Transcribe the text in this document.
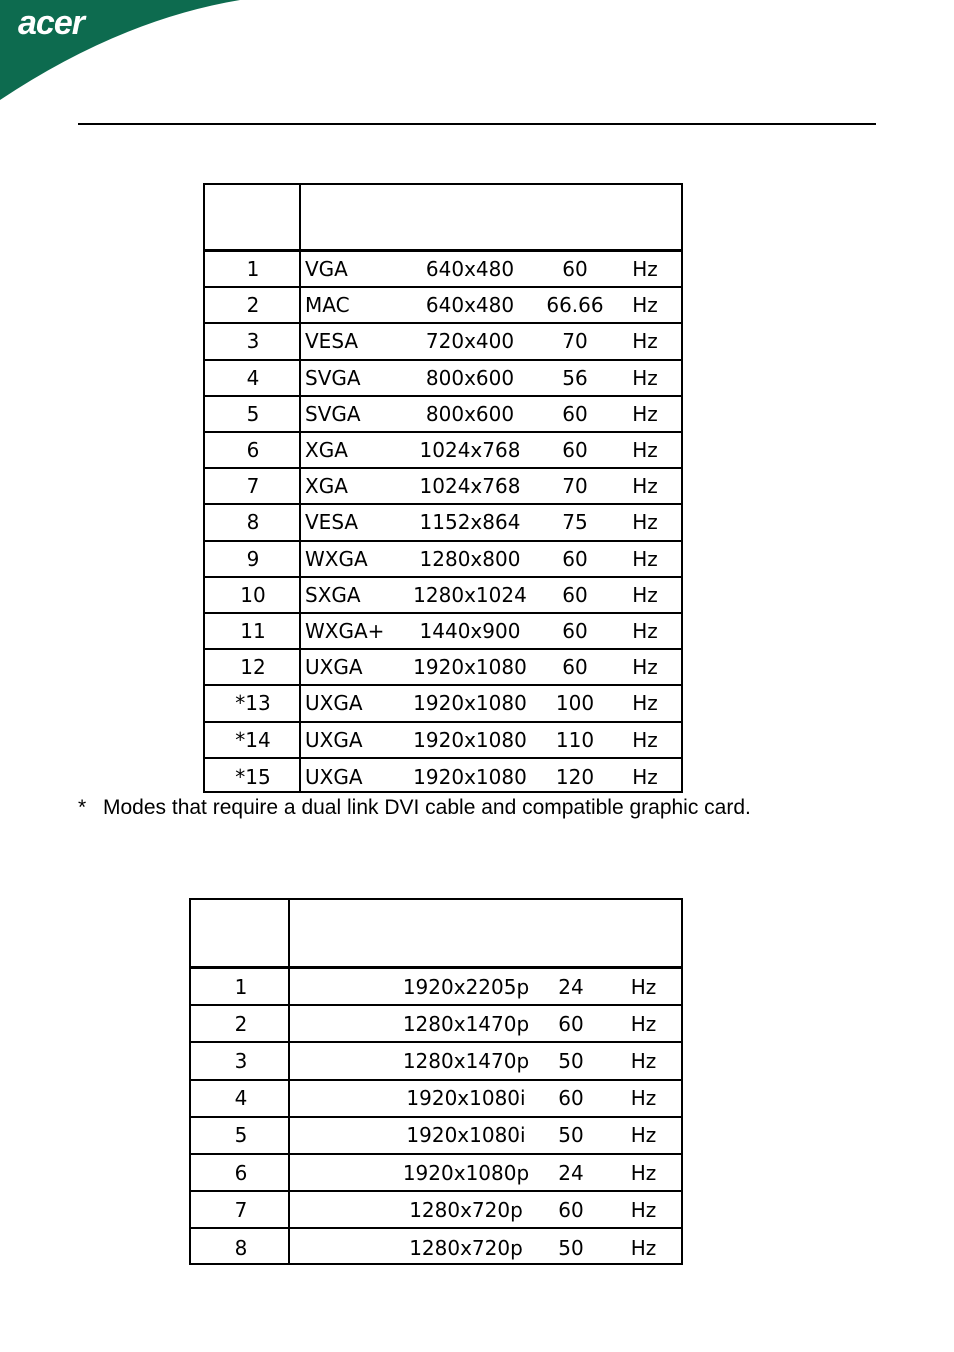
acer
1	VGA	640x480	60	Hz
2	MAC	640x480	66.66	Hz
3	VESA	720x400	70	Hz
4	SVGA	800x600	56	Hz
5	SVGA	800x600	60	Hz
6	XGA	1024x768	60	Hz
7	XGA	1024x768	70	Hz
8	VESA	1152x864	75	Hz
9	WXGA	1280x800	60	Hz
10	SXGA	1280x1024	60	Hz
11	WXGA+	1440x900	60	Hz
12	UXGA	1920x1080	60	Hz
*13	UXGA	1920x1080	100	Hz
*14	UXGA	1920x1080	110	Hz
*15	UXGA	1920x1080	120	Hz
* Modes that require a dual link DVI cable and compatible graphic card.
1	1920x2205p	24	Hz
2	1280x1470p	60	Hz
3	1280x1470p	50	Hz
4	1920x1080i	60	Hz
5	1920x1080i	50	Hz
6	1920x1080p	24	Hz
7	1280x720p	60	Hz
8	1280x720p	50	Hz
